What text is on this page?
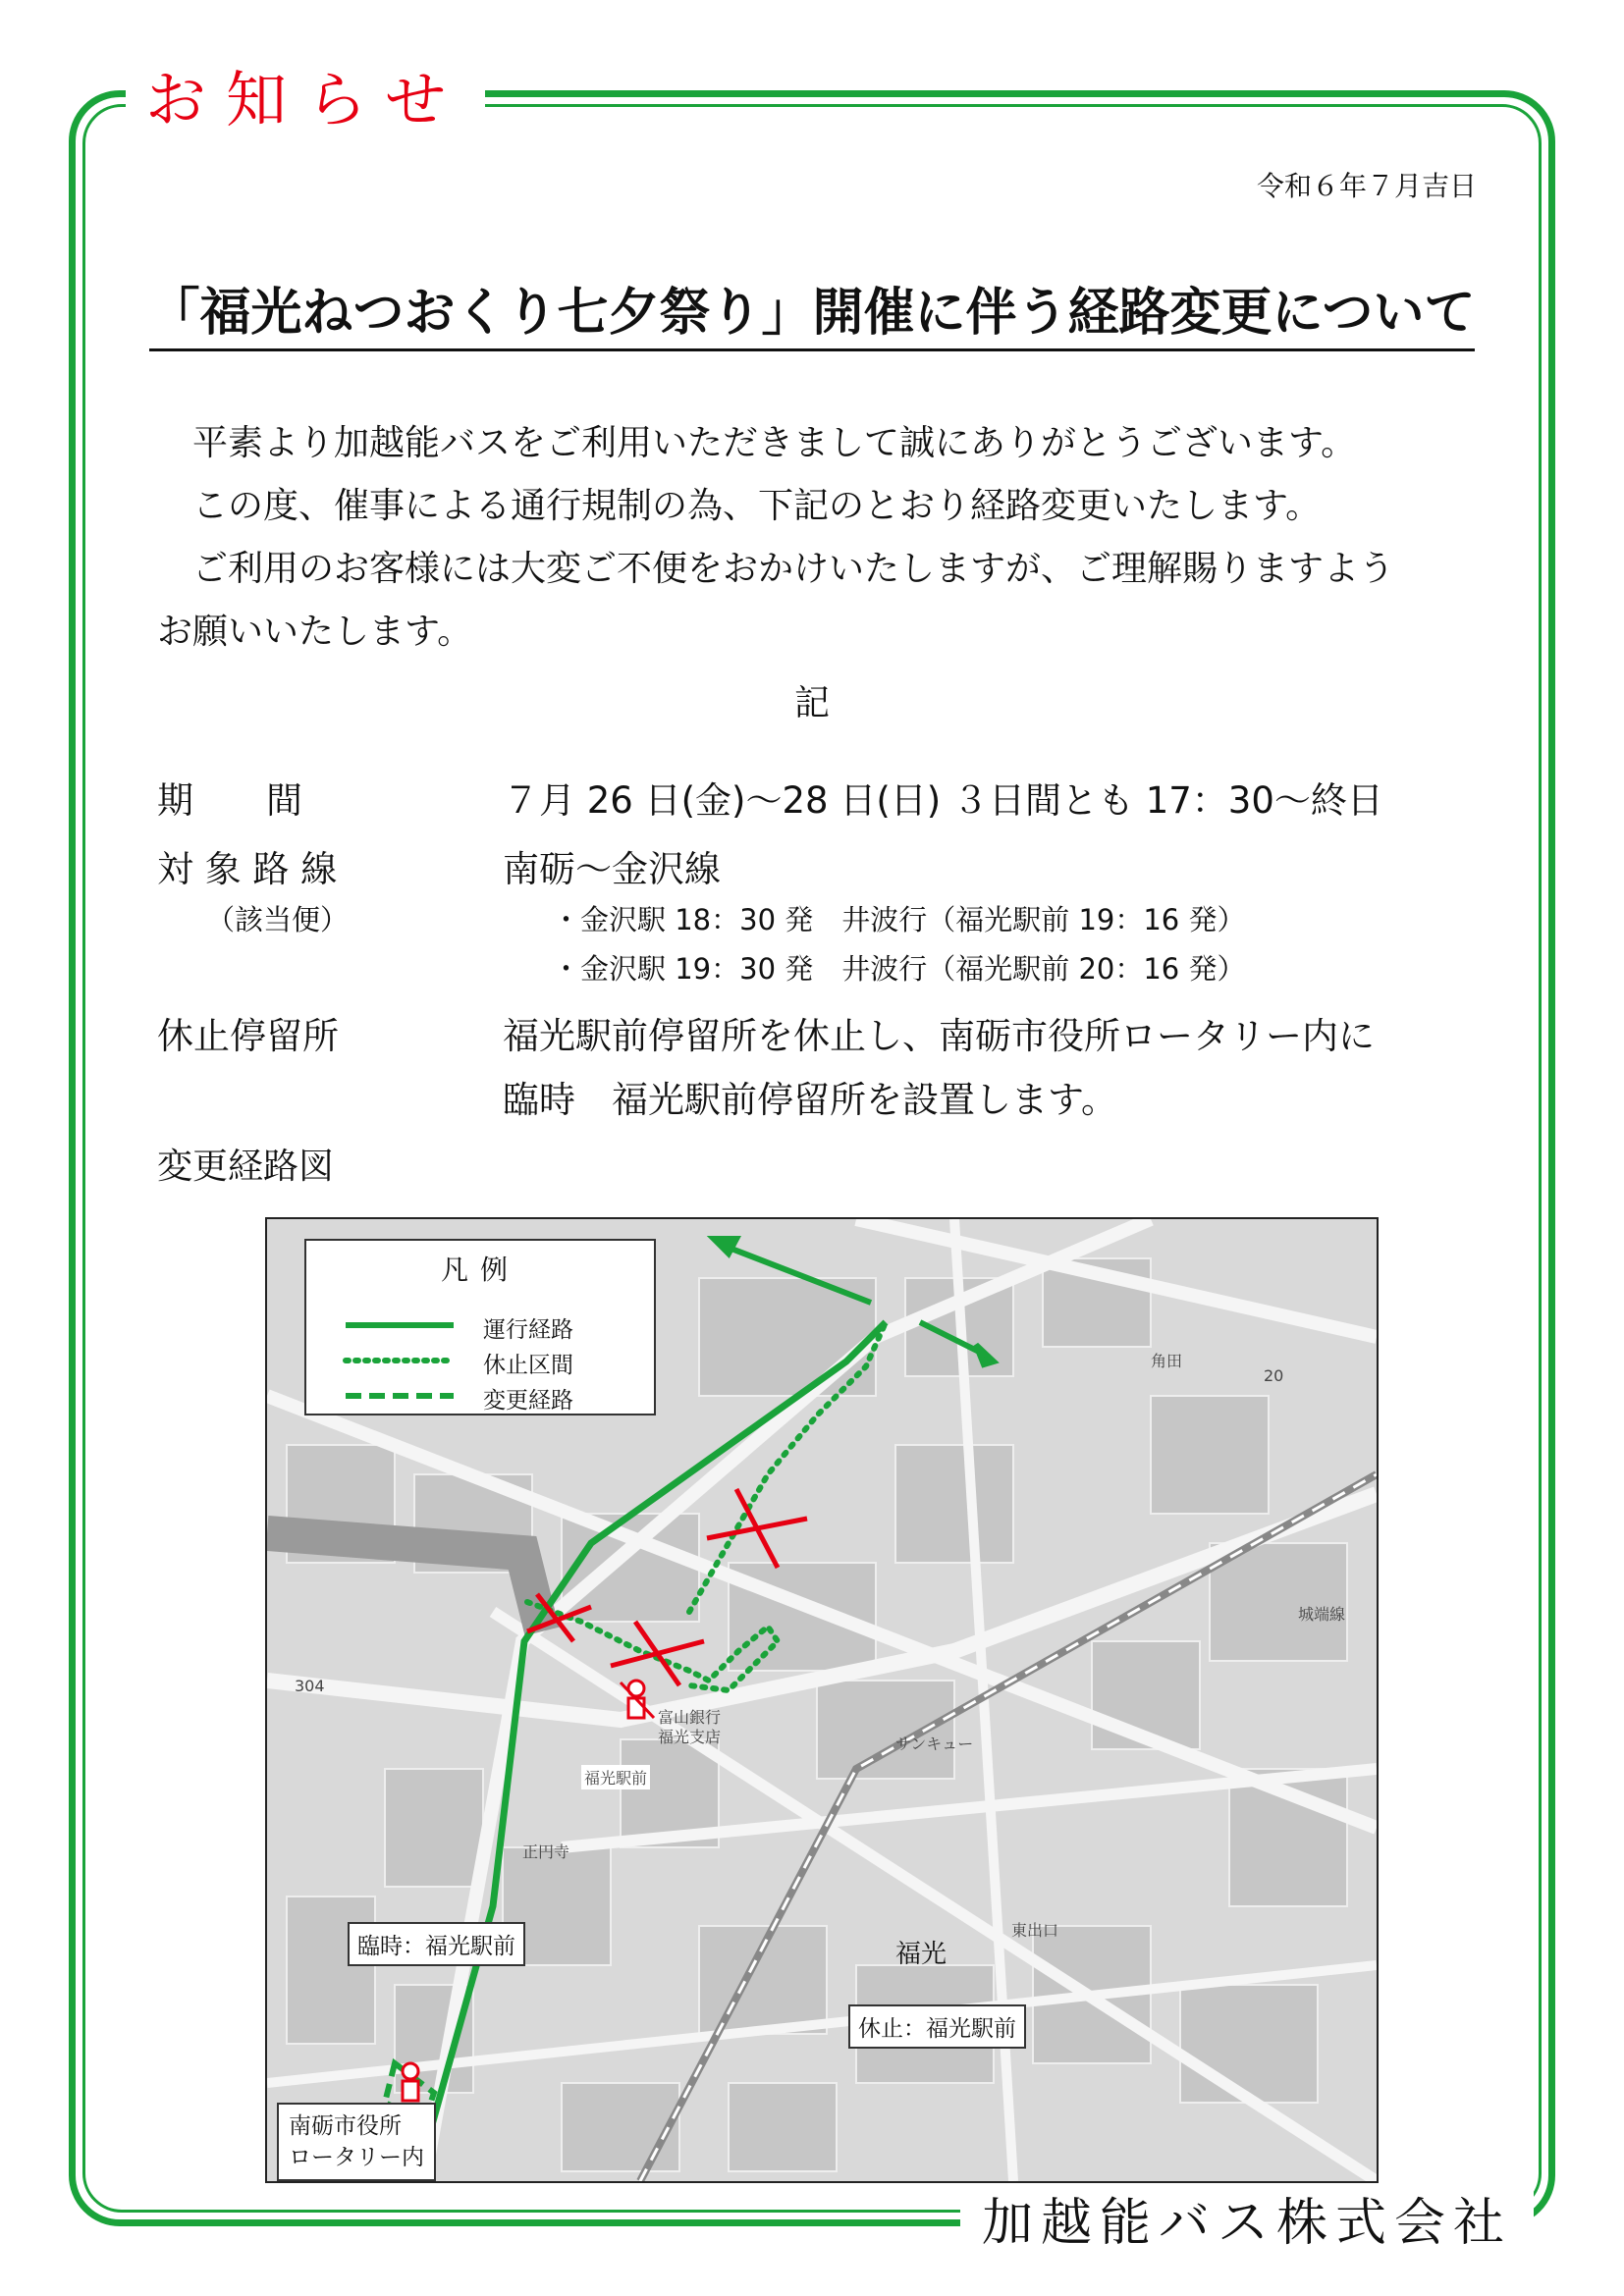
お知らせ
令和６年７月吉日
「福光ねつおくり七夕祭り」開催に伴う経路変更について

平素より加越能バスをご利用いただきまして誠にありがとうございます。

この度、催事による通行規制の為、下記のとおり経路変更いたします。

ご利用のお客様には大変ご不便をおかけいたしますが、ご理解賜りますよう

お願いいたします。

記
期　　間	７月 26 日(金)～28 日(日) ３日間とも 17：30～終日
対 象 路 線	南砺～金沢線
（該当便）	・金沢駅 18：30 発　井波行（福光駅前 19：16 発）
・金沢駅 19：30 発　井波行（福光駅前 20：16 発）
休止停留所	福光駅前停留所を休止し、南砺市役所ロータリー内に
臨時　福光駅前停留所を設置します。
変更経路図
凡例
運行経路
休止区間
変更経路
臨時：福光駅前
休止：福光駅前
南砺市役所
ロータリー内
富山銀行
福光支店	サンキュー
福光駅前
正円寺
福光
東出口
角田
城端線
304
20
加越能バス株式会社
